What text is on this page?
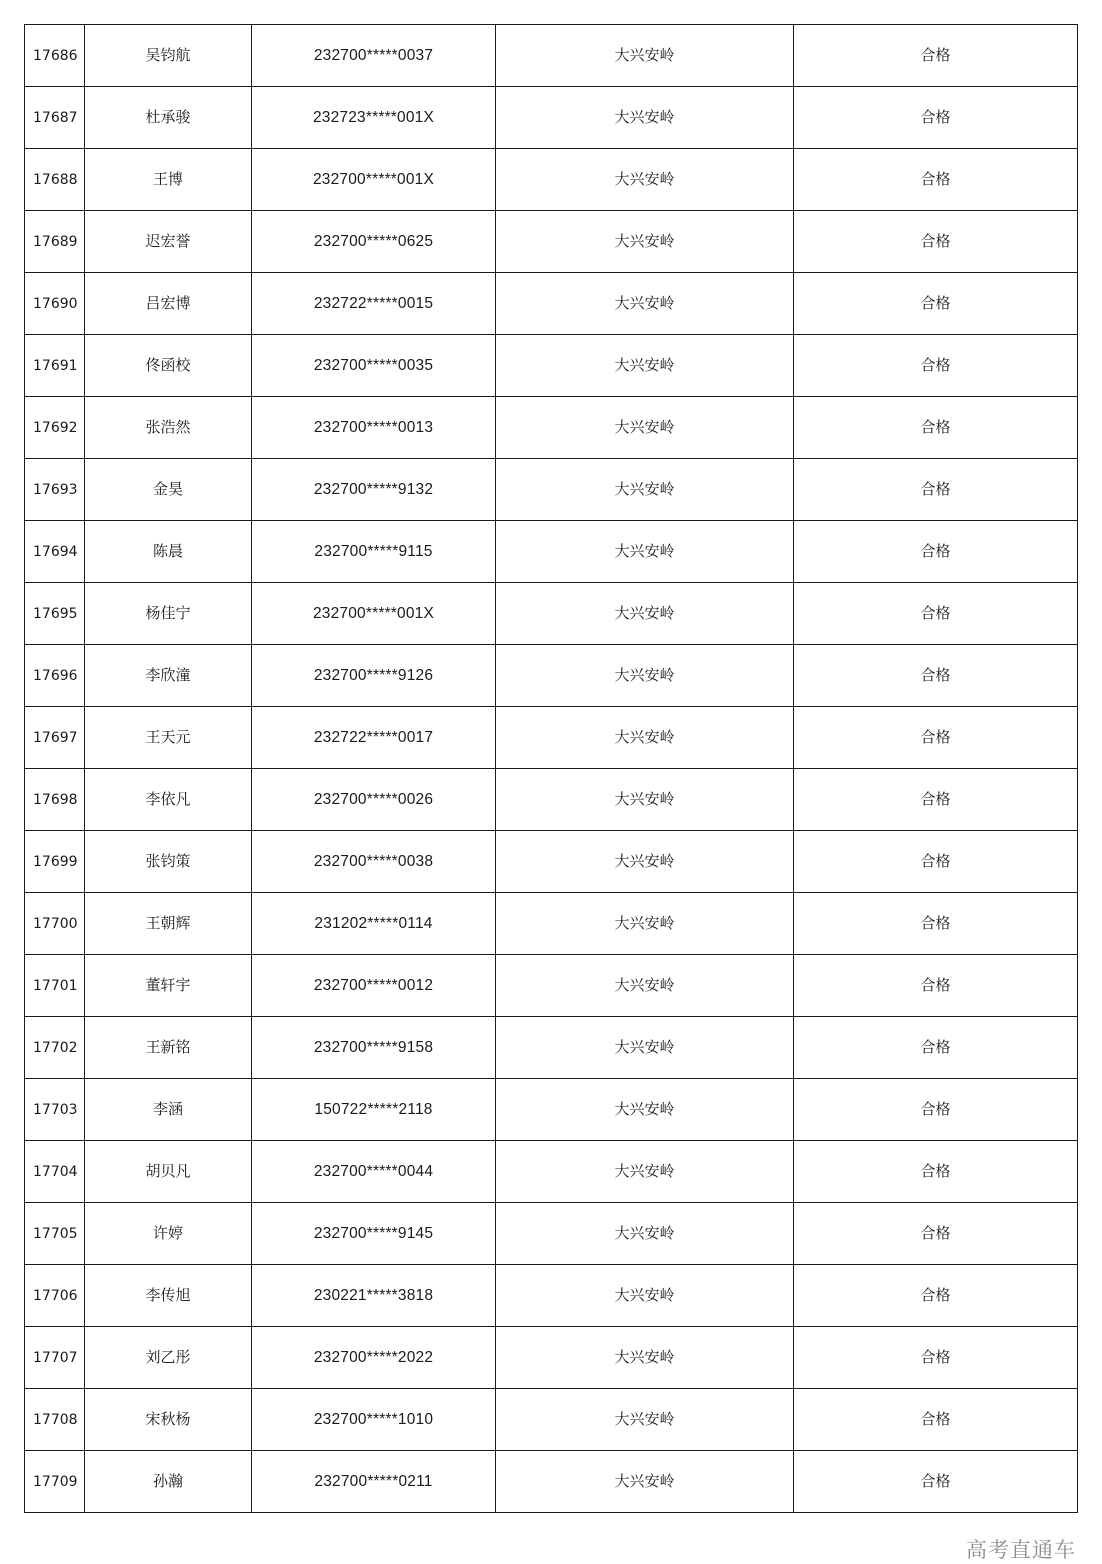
17686	吴钧航	232700*****0037	大兴安岭	合格
17687	杜承骏	232723*****001X	大兴安岭	合格
17688	王博	232700*****001X	大兴安岭	合格
17689	迟宏誉	232700*****0625	大兴安岭	合格
17690	吕宏博	232722*****0015	大兴安岭	合格
17691	佟函校	232700*****0035	大兴安岭	合格
17692	张浩然	232700*****0013	大兴安岭	合格
17693	金昊	232700*****9132	大兴安岭	合格
17694	陈晨	232700*****9115	大兴安岭	合格
17695	杨佳宁	232700*****001X	大兴安岭	合格
17696	李欣潼	232700*****9126	大兴安岭	合格
17697	王天元	232722*****0017	大兴安岭	合格
17698	李依凡	232700*****0026	大兴安岭	合格
17699	张钧策	232700*****0038	大兴安岭	合格
17700	王朝辉	231202*****0114	大兴安岭	合格
17701	董轩宇	232700*****0012	大兴安岭	合格
17702	王新铭	232700*****9158	大兴安岭	合格
17703	李涵	150722*****2118	大兴安岭	合格
17704	胡贝凡	232700*****0044	大兴安岭	合格
17705	许婷	232700*****9145	大兴安岭	合格
17706	李传旭	230221*****3818	大兴安岭	合格
17707	刘乙彤	232700*****2022	大兴安岭	合格
17708	宋秋杨	232700*****1010	大兴安岭	合格
17709	孙瀚	232700*****0211	大兴安岭	合格
高考直通车
